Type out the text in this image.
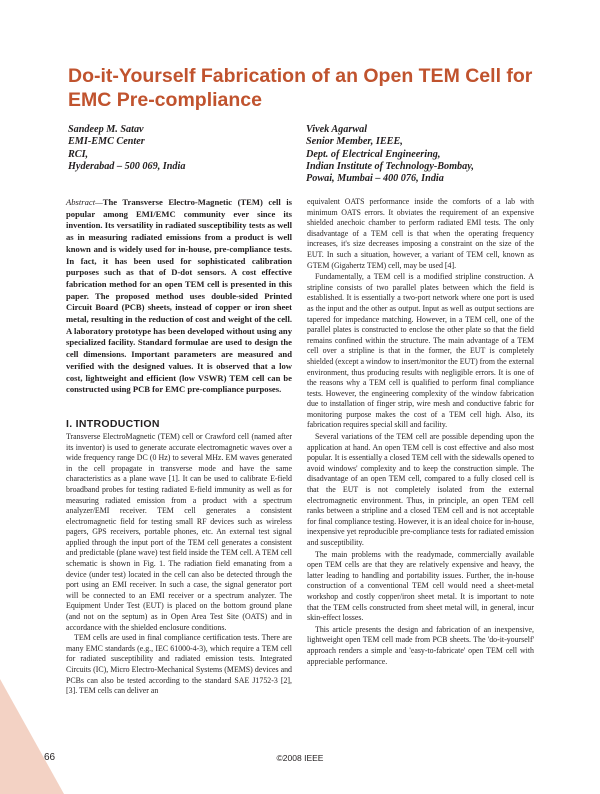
Do-it-Yourself Fabrication of an Open TEM Cell for EMC Pre-compliance
Sandeep M. Satav
EMI-EMC Center
RCI,
Hyderabad – 500 069, India
Vivek Agarwal
Senior Member, IEEE,
Dept. of Electrical Engineering,
Indian Institute of Technology-Bombay,
Powai, Mumbai – 400 076, India

Abstract—The Transverse Electro-Magnetic (TEM) cell is popular among EMI/EMC community ever since its invention. Its versatility in radiated susceptibility tests as well as in measuring radiated emissions from a product is well known and is widely used for in-house, pre-compliance tests. In fact, it has been used for sophisticated calibration purposes such as that of D-dot sensors. A cost effective fabrication method for an open TEM cell is presented in this paper. The proposed method uses double-sided Printed Circuit Board (PCB) sheets, instead of copper or iron sheet metal, resulting in the reduction of cost and weight of the cell. A laboratory prototype has been developed without using any specialized facility. Standard formulae are used to design the cell dimensions. Important parameters are measured and verified with the designed values. It is observed that a low cost, lightweight and efficient (low VSWR) TEM cell can be constructed using PCB for EMC pre-compliance purposes.

I. INTRODUCTION

Transverse ElectroMagnetic (TEM) cell or Crawford cell (named after its inventor) is used to generate accurate electromagnetic waves over a wide frequency range DC (0 Hz) to several MHz. EM waves generated in the cell propagate in transverse mode and have the same characteristics as a plane wave [1]. It can be used to calibrate E-field broadband probes for testing radiated E-field immunity as well as for measuring radiated emission from a product with a spectrum analyzer/EMI receiver. TEM cell generates a consistent electromagnetic field for testing small RF devices such as wireless pagers, GPS receivers, portable phones, etc. An external test signal applied through the input port of the TEM cell generates a consistent and predictable (plane wave) test field inside the TEM cell. A TEM cell schematic is shown in Fig. 1. The radiation field emanating from a device (under test) located in the cell can also be detected through the port using an EMI receiver. In such a case, the signal generator port will be connected to an EMI receiver or a spectrum analyzer. The Equipment Under Test (EUT) is placed on the bottom ground plane (and not on the septum) as in Open Area Test Site (OATS) and in accordance with the shielded enclosure conditions.

TEM cells are used in final compliance certification tests. There are many EMC standards (e.g., IEC 61000-4-3), which require a TEM cell for radiated susceptibility and radiated emission tests. Integrated Circuits (IC), Micro Electro-Mechanical Systems (MEMS) devices and PCBs can also be tested according to the standard SAE J1752-3 [2], [3]. TEM cells can deliver an

equivalent OATS performance inside the comforts of a lab with minimum OATS errors. It obviates the requirement of an expensive shielded anechoic chamber to perform radiated EMI tests. The only disadvantage of a TEM cell is that when the operating frequency increases, it's size decreases imposing a constraint on the size of the EUT. In such a situation, however, a variant of TEM cell, known as GTEM (Gigahertz TEM) cell, may be used [4].

Fundamentally, a TEM cell is a modified stripline construction. A stripline consists of two parallel plates between which the field is established. It is essentially a two-port network where one port is used as the input and the other as output. Input as well as output sections are tapered for impedance matching. However, in a TEM cell, one of the parallel plates is constructed to enclose the other plate so that the field remains confined within the structure. The main advantage of a TEM cell over a stripline is that in the former, the EUT is completely shielded (except a window to insert/monitor the EUT) from the external environment, thus producing results with negligible errors. It is one of the reasons why a TEM cell is qualified to perform final compliance tests. However, the engineering complexity of the window fabrication due to installation of finger strip, wire mesh and conductive fabric for monitoring purpose makes the cost of a TEM cell high. Also, its fabrication requires special skill and facility.

Several variations of the TEM cell are possible depending upon the application at hand. An open TEM cell is cost effective and also most popular. It is essentially a closed TEM cell with the sidewalls opened to avoid windows' complexity and to keep the construction simple. The disadvantage of an open TEM cell, compared to a fully closed cell is that the EUT is not completely isolated from the external electromagnetic environment. Thus, in principle, an open TEM cell ranks between a stripline and a closed TEM cell and is not acceptable for final compliance testing. However, it is an ideal choice for in-house, inexpensive yet reproducible pre-compliance tests for radiated emission and susceptibility.

The main problems with the readymade, commercially available open TEM cells are that they are relatively expensive and heavy, the latter leading to handling and portability issues. Further, the in-house construction of a conventional TEM cell would need a sheet-metal workshop and costly copper/iron sheet metal. It is important to note that the TEM cells constructed from sheet metal will, in general, incur skin-effect losses.

This article presents the design and fabrication of an inexpensive, lightweight open TEM cell made from PCB sheets. The 'do-it-yourself' approach renders a simple and 'easy-to-fabricate' open TEM cell with appreciable performance.

66	©2008 IEEE
